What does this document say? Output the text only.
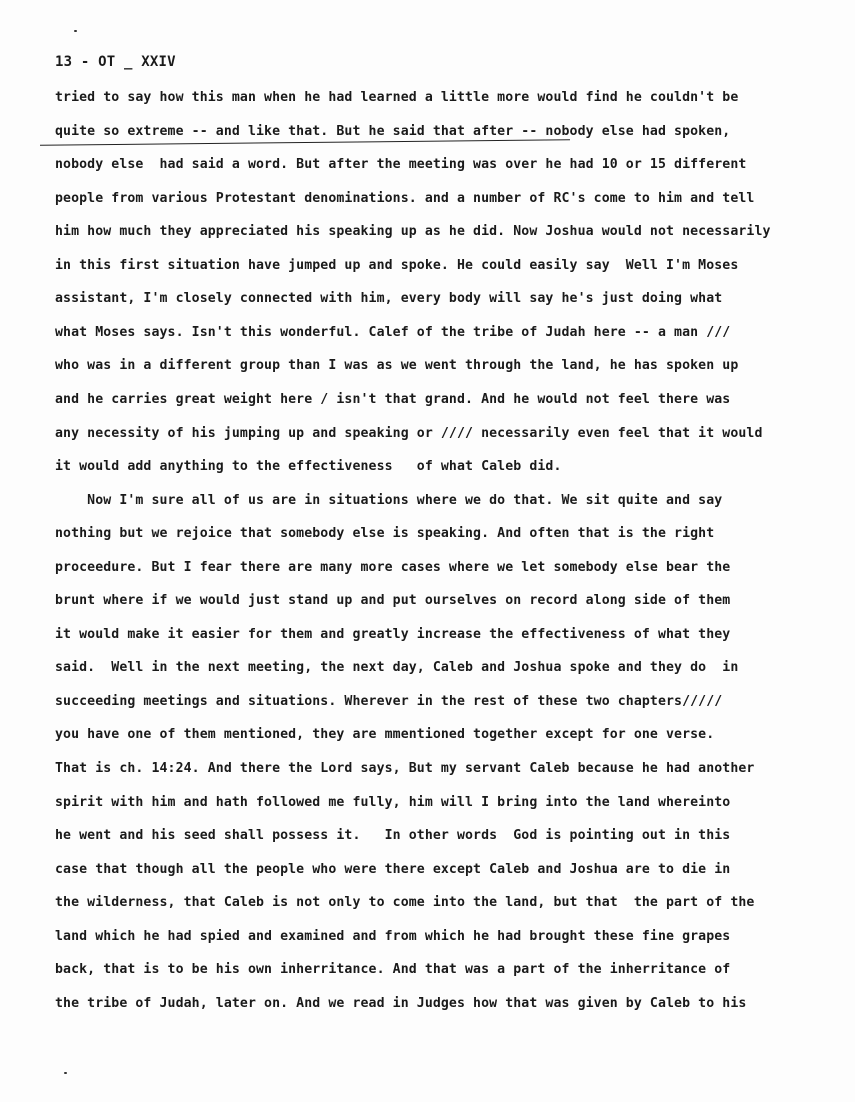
13 - OT _ XXIV
tried to say how this man when he had learned a little more would find he couldn't be
quite so extreme -- and like that. But he said that after -- nobody else had spoken,
nobody else  had said a word. But after the meeting was over he had 10 or 15 different
people from various Protestant denominations. and a number of RC's come to him and tell
him how much they appreciated his speaking up as he did. Now Joshua would not necessarily
in this first situation have jumped up and spoke. He could easily say  Well I'm Moses
assistant, I'm closely connected with him, every body will say he's just doing what
what Moses says. Isn't this wonderful. Calef of the tribe of Judah here -- a man ///
who was in a different group than I was as we went through the land, he has spoken up
and he carries great weight here / isn't that grand. And he would not feel there was
any necessity of his jumping up and speaking or //// necessarily even feel that it would
it would add anything to the effectiveness   of what Caleb did.
Now I'm sure all of us are in situations where we do that. We sit quite and say
nothing but we rejoice that somebody else is speaking. And often that is the right
proceedure. But I fear there are many more cases where we let somebody else bear the
brunt where if we would just stand up and put ourselves on record along side of them
it would make it easier for them and greatly increase the effectiveness of what they
said.  Well in the next meeting, the next day, Caleb and Joshua spoke and they do  in
succeeding meetings and situations. Wherever in the rest of these two chapters/////
you have one of them mentioned, they are mmentioned together except for one verse.
That is ch. 14:24. And there the Lord says, But my servant Caleb because he had another
spirit with him and hath followed me fully, him will I bring into the land whereinto
he went and his seed shall possess it.   In other words  God is pointing out in this
case that though all the people who were there except Caleb and Joshua are to die in
the wilderness, that Caleb is not only to come into the land, but that  the part of the
land which he had spied and examined and from which he had brought these fine grapes
back, that is to be his own inherritance. And that was a part of the inherritance of
the tribe of Judah, later on. And we read in Judges how that was given by Caleb to his
